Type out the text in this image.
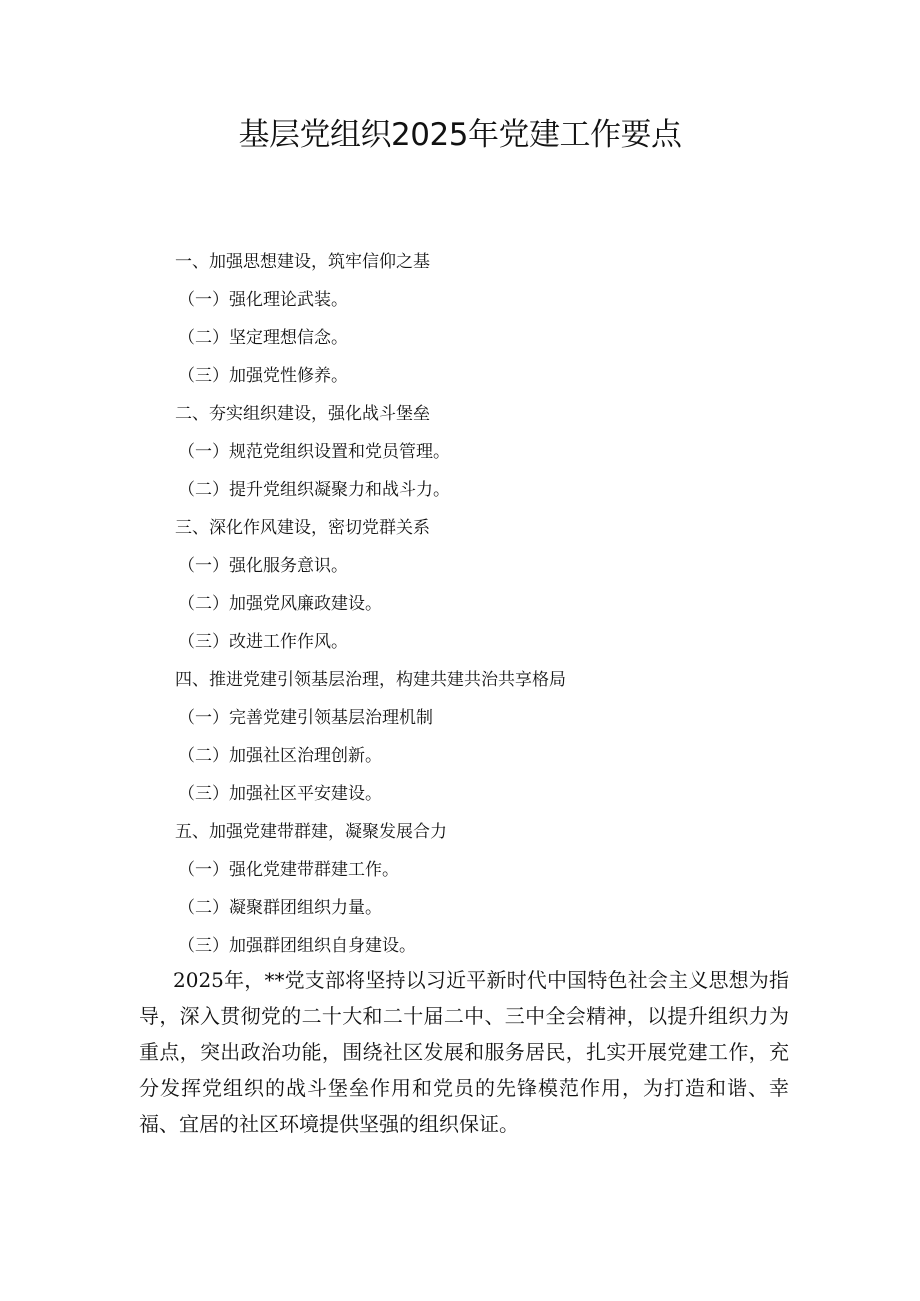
基层党组织2025年党建工作要点
一、加强思想建设，筑牢信仰之基
（一）强化理论武装。
（二）坚定理想信念。
（三）加强党性修养。
二、夯实组织建设，强化战斗堡垒
（一）规范党组织设置和党员管理。
（二）提升党组织凝聚力和战斗力。
三、深化作风建设，密切党群关系
（一）强化服务意识。
（二）加强党风廉政建设。
（三）改进工作作风。
四、推进党建引领基层治理，构建共建共治共享格局
（一）完善党建引领基层治理机制
（二）加强社区治理创新。
（三）加强社区平安建设。
五、加强党建带群建，凝聚发展合力
（一）强化党建带群建工作。
（二）凝聚群团组织力量。
（三）加强群团组织自身建设。

2025年，**党支部将坚持以习近平新时代中国特色社会主义思想为指导，深入贯彻党的二十大和二十届二中、三中全会精神，以提升组织力为重点，突出政治功能，围绕社区发展和服务居民，扎实开展党建工作，充分发挥党组织的战斗堡垒作用和党员的先锋模范作用，为打造和谐、幸福、宜居的社区环境提供坚强的组织保证。
